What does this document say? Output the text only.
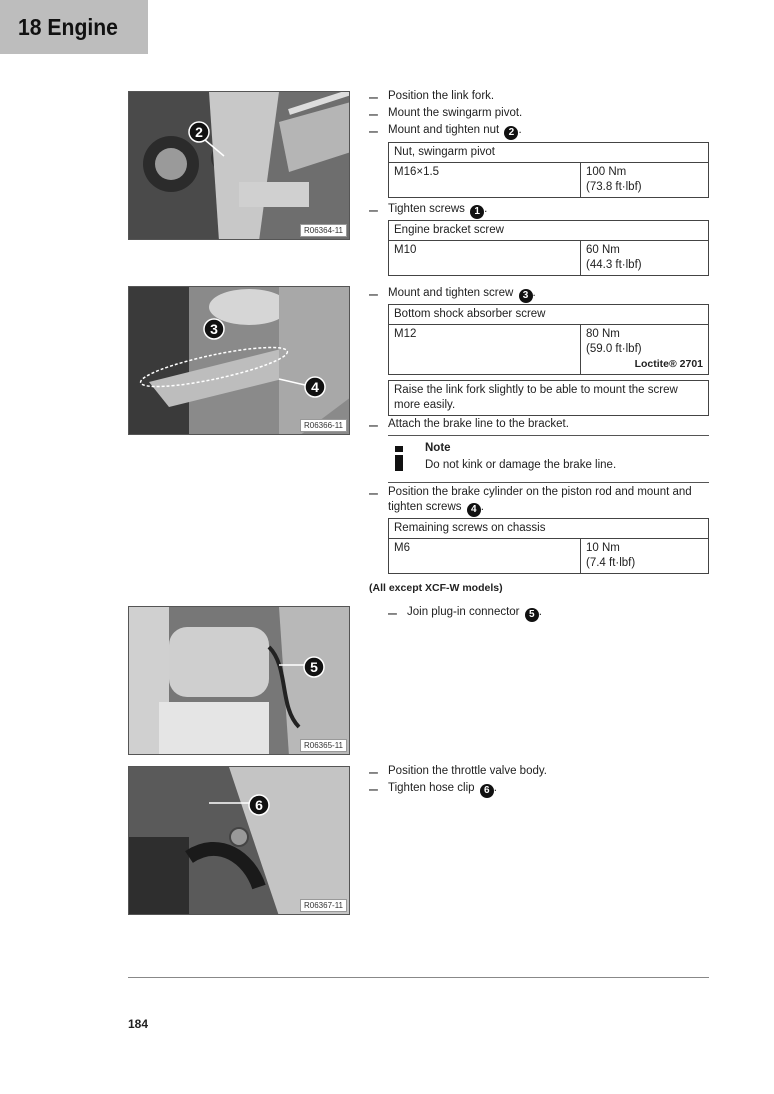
18 Engine
2
R06364-11
3
4
R06366-11
5
R06365-11
6
R06367-11
– Position the link fork.
– Mount the swingarm pivot.
– Mount and tighten nut 2 .
Nut, swingarm pivot
M16×1.5	100 Nm
(73.8 ft·lbf)
– Tighten screws 1 .
Engine bracket screw
M10	60 Nm
(44.3 ft·lbf)
– Mount and tighten screw 3 .
Bottom shock absorber screw
M12	80 Nm
(59.0 ft·lbf)
Loctite® 2701
Raise the link fork slightly to be able to mount the screw
more easily.
– Attach the brake line to the bracket.
Note
Do not kink or damage the brake line.
– Position the brake cylinder on the piston rod and mount and
tighten screws 4 .
Remaining screws on chassis
M6	10 Nm
(7.4 ft·lbf)
(All except XCF-W models)
– Join plug-in connector 5 .
– Position the throttle valve body.
– Tighten hose clip 6 .
184
